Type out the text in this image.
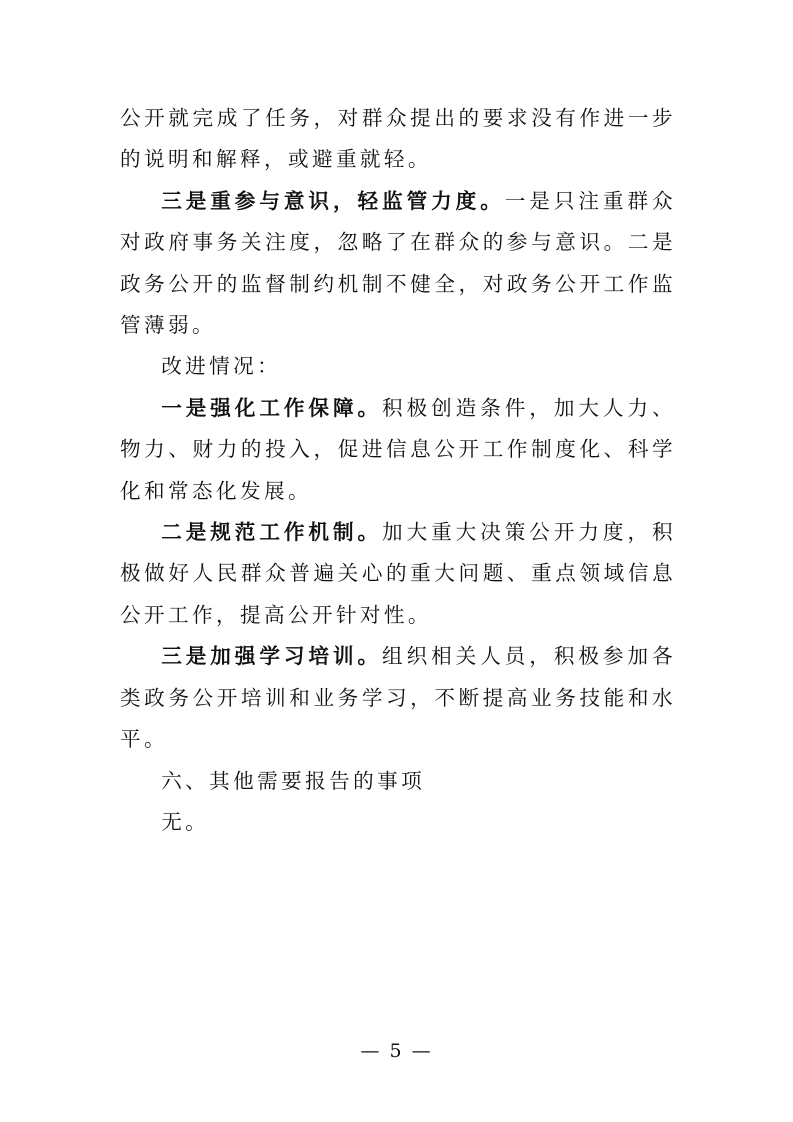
公开就完成了任务，对群众提出的要求没有作进一步的说明和解释，或避重就轻。

三是重参与意识，轻监管力度。一是只注重群众对政府事务关注度，忽略了在群众的参与意识。二是政务公开的监督制约机制不健全，对政务公开工作监管薄弱。

改进情况：

一是强化工作保障。积极创造条件，加大人力、物力、财力的投入，促进信息公开工作制度化、科学化和常态化发展。

二是规范工作机制。加大重大决策公开力度，积极做好人民群众普遍关心的重大问题、重点领域信息公开工作，提高公开针对性。

三是加强学习培训。组织相关人员，积极参加各类政务公开培训和业务学习，不断提高业务技能和水平。

六、其他需要报告的事项

无。

— 5 —
